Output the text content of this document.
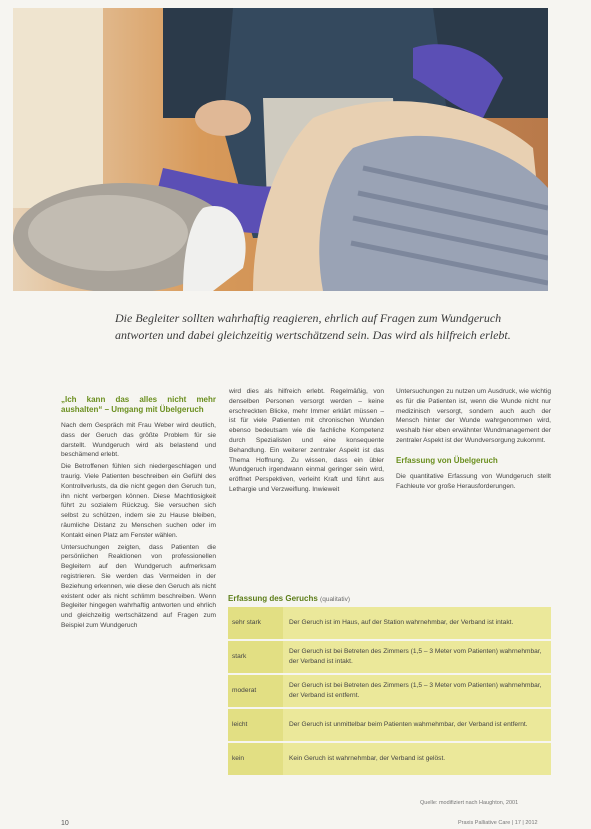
Die Begleiter sollten wahrhaftig reagieren, ehrlich auf Fragen zum Wundgeruch antworten und dabei gleichzeitig wertschätzend sein. Das wird als hilfreich erlebt.
„Ich kann das alles nicht mehr aushalten“ – Umgang mit Übelgeruch

Nach dem Gespräch mit Frau Weber wird deutlich, dass der Geruch das größte Problem für sie darstellt. Wundgeruch wird als belastend und beschämend erlebt.

Die Betroffenen fühlen sich niedergeschlagen und traurig. Viele Patienten beschreiben ein Gefühl des Kontrollverlusts, da die nicht gegen den Geruch tun, ihn nicht verbergen können. Diese Machtlosigkeit führt zu sozialem Rückzug. Sie versuchen sich selbst zu schützen, indem sie zu Hause bleiben, räumliche Distanz zu Menschen suchen oder im Kontakt einen Platz am Fenster wählen.

Untersuchungen zeigten, dass Patienten die persönlichen Reaktionen von professionellen Begleitern auf den Wundgeruch aufmerksam registrieren. Sie werden das Vermeiden in der Beziehung erkennen, wie diese den Geruch als nicht existent oder als nicht schlimm beschreiben. Wenn Begleiter hingegen wahrhaftig antworten und ehrlich und gleichzeitig wertschätzend auf Fragen zum Beispiel zum Wundgeruch

wird dies als hilfreich erlebt. Regelmäßig, von denselben Personen versorgt werden – keine erschreckten Blicke, mehr Immer erklärt müssen – ist für viele Patienten mit chronischen Wunden ebenso bedeutsam wie die fachliche Kompetenz durch Spezialisten und eine konsequente Behandlung. Ein weiterer zentraler Aspekt ist das Thema Hoffnung. Zu wissen, dass ein übler Wundgeruch irgendwann einmal geringer sein wird, eröffnet Perspektiven, verleiht Kraft und führt aus Lethargie und Verzweiflung. Inwieweit

Untersuchungen zu nutzen um Ausdruck, wie wichtig es für die Patienten ist, wenn die Wunde nicht nur medizinisch versorgt, sondern auch auch der Mensch hinter der Wunde wahrgenommen wird, weshalb hier eben erwähnter Wundmanagement der zentraler Aspekt ist der Wundversorgung zukommt.

Erfassung von Übelgeruch

Die quantitative Erfassung von Wundgeruch stellt Fachleute vor große Herausforderungen.

Erfassung des Geruchs (qualitativ)
sehr stark	Der Geruch ist im Haus, auf der Station wahrnehmbar, der Verband ist intakt.
stark	Der Geruch ist bei Betreten des Zimmers (1,5 – 3 Meter vom Patienten) wahrnehmbar, der Verband ist intakt.
moderat	Der Geruch ist bei Betreten des Zimmers (1,5 – 3 Meter vom Patienten) wahrnehmbar, der Verband ist entfernt.
leicht	Der Geruch ist unmittelbar beim Patienten wahrnehmbar, der Verband ist entfernt.
kein	Kein Geruch ist wahrnehmbar, der Verband ist gelöst.
Quelle: modifiziert nach Haughton, 2001
10	Praxis Palliative Care | 17 | 2012
